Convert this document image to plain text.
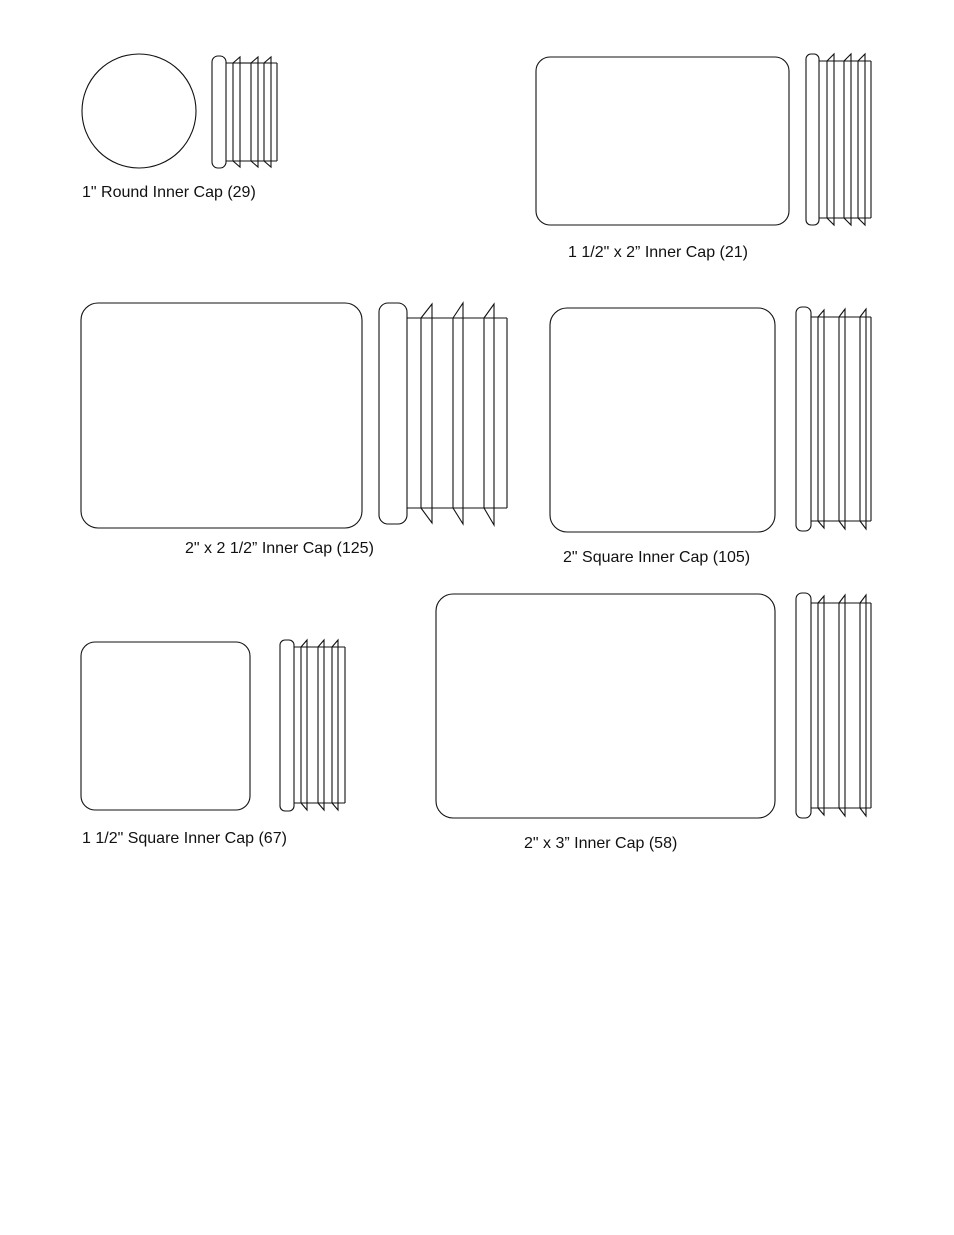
1" Round Inner Cap (29)
1 1/2" x 2” Inner Cap (21)
2" x 2 1/2” Inner Cap (125)
2" Square Inner Cap (105)
1 1/2" Square Inner Cap (67)	2" x 3” Inner Cap (58)
